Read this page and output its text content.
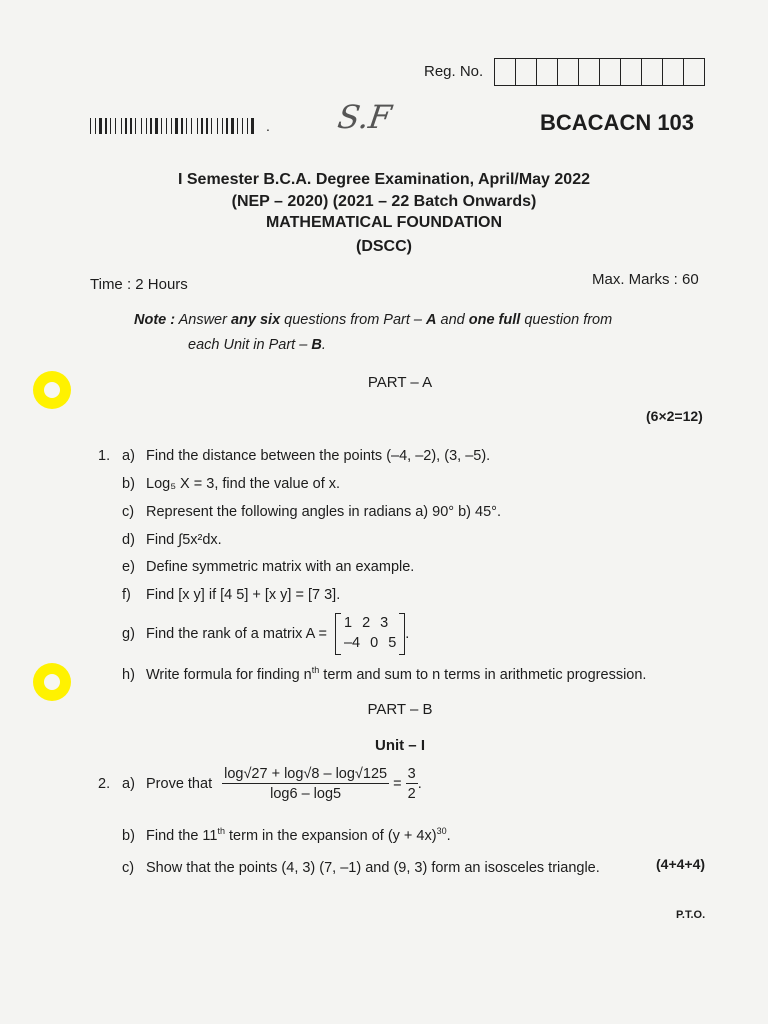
Reg. No.
. S.F	BCACACN 103
I Semester B.C.A. Degree Examination, April/May 2022
(NEP – 2020) (2021 – 22 Batch Onwards)
MATHEMATICAL FOUNDATION
(DSCC)
Time : 2 Hours	Max. Marks : 60
Note : Answer any six questions from Part – A and one full question from
each Unit in Part – B.
PART – A
(6×2=12)
1. a) Find the distance between the points (–4, –2), (3, –5).
b) Log₅ X = 3, find the value of x.
c) Represent the following angles in radians a) 90° b) 45°.
d) Find ∫5x²dx.
e) Define symmetric matrix with an example.
f) Find [x y] if [4 5] + [x y] = [7 3].
g) Find the rank of a matrix A =
1 2 3
–4 0 5
.
h) Write formula for finding $n^{th}$ term and sum to n terms in arithmetic progression.
PART – B
Unit – I
2. a) Prove that $\frac{\log√27 + \log√8 - \log√125}{\log 6 - \log 5} = \frac{3}{2}$ .
b) Find the 11th term in the expansion of $(y + 4x)^{30}$.
c) Show that the points (4, 3) (7, –1) and (9, 3) form an isosceles triangle.	(4+4+4)
P.T.O.
